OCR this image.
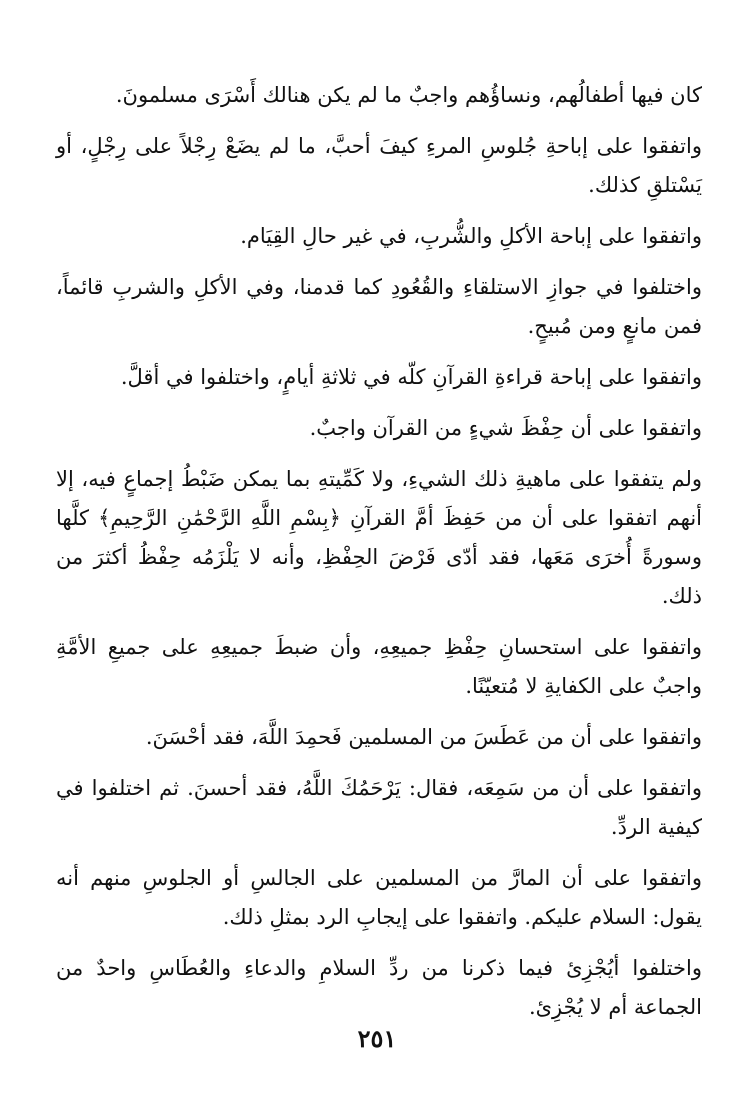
كان فيها أطفالُهم، ونساؤُهم واجبٌ ما لم يكن هنالك أَسْرَى مسلمونَ.

واتفقوا على إباحةِ جُلوسِ المرءِ كيفَ أحبَّ، ما لم يضَعْ رِجْلاً على رِجْلٍ، أو يَسْتلقِ كذلك.

واتفقوا على إباحة الأكلِ والشُّربِ، في غير حالِ القِيَام.

واختلفوا في جوازِ الاستلقاءِ والقُعُودِ كما قدمنا، وفي الأكلِ والشربِ قائماً، فمن مانعٍ ومن مُبيحٍ.

واتفقوا على إباحة قراءةِ القرآنِ كلّه في ثلاثةِ أيامٍ، واختلفوا في أقلَّ.

واتفقوا على أن حِفْظَ شيءٍ من القرآن واجبٌ.

ولم يتفقوا على ماهيةِ ذلك الشيءِ، ولا كَمِّيتهِ بما يمكن ضَبْطُ إجماعٍ فيه، إلا أنهم اتفقوا على أن من حَفِظَ أمَّ القرآنِ ﴿بِسْمِ اللَّهِ الرَّحْمَٰنِ الرَّحِيمِ﴾ كلَّها وسورةً أُخرَى مَعَها، فقد أدّى فَرْضَ الحِفْظِ، وأنه لا يَلْزَمُه حِفْظُ أكثرَ من ذلك.

واتفقوا على استحسانِ حِفْظِ جميعِهِ، وأن ضبطَ جميعِهِ على جميعِ الأمَّةِ واجبٌ على الكفايةِ لا مُتعيّنًا.

واتفقوا على أن من عَطَسَ من المسلمين فَحمِدَ اللَّهَ، فقد أحْسَنَ.

واتفقوا على أن من سَمِعَه، فقال: يَرْحَمُكَ اللَّهُ، فقد أحسنَ. ثم اختلفوا في كيفية الردِّ.

واتفقوا على أن المارَّ من المسلمين على الجالسِ أو الجلوسِ منهم أنه يقول: السلام عليكم. واتفقوا على إيجابِ الرد بمثلِ ذلك.

واختلفوا أيُجْزِئ فيما ذكرنا من ردِّ السلامِ والدعاءِ والعُطَاسِ واحدٌ من الجماعة أم لا يُجْزِئ.

٢٥١
